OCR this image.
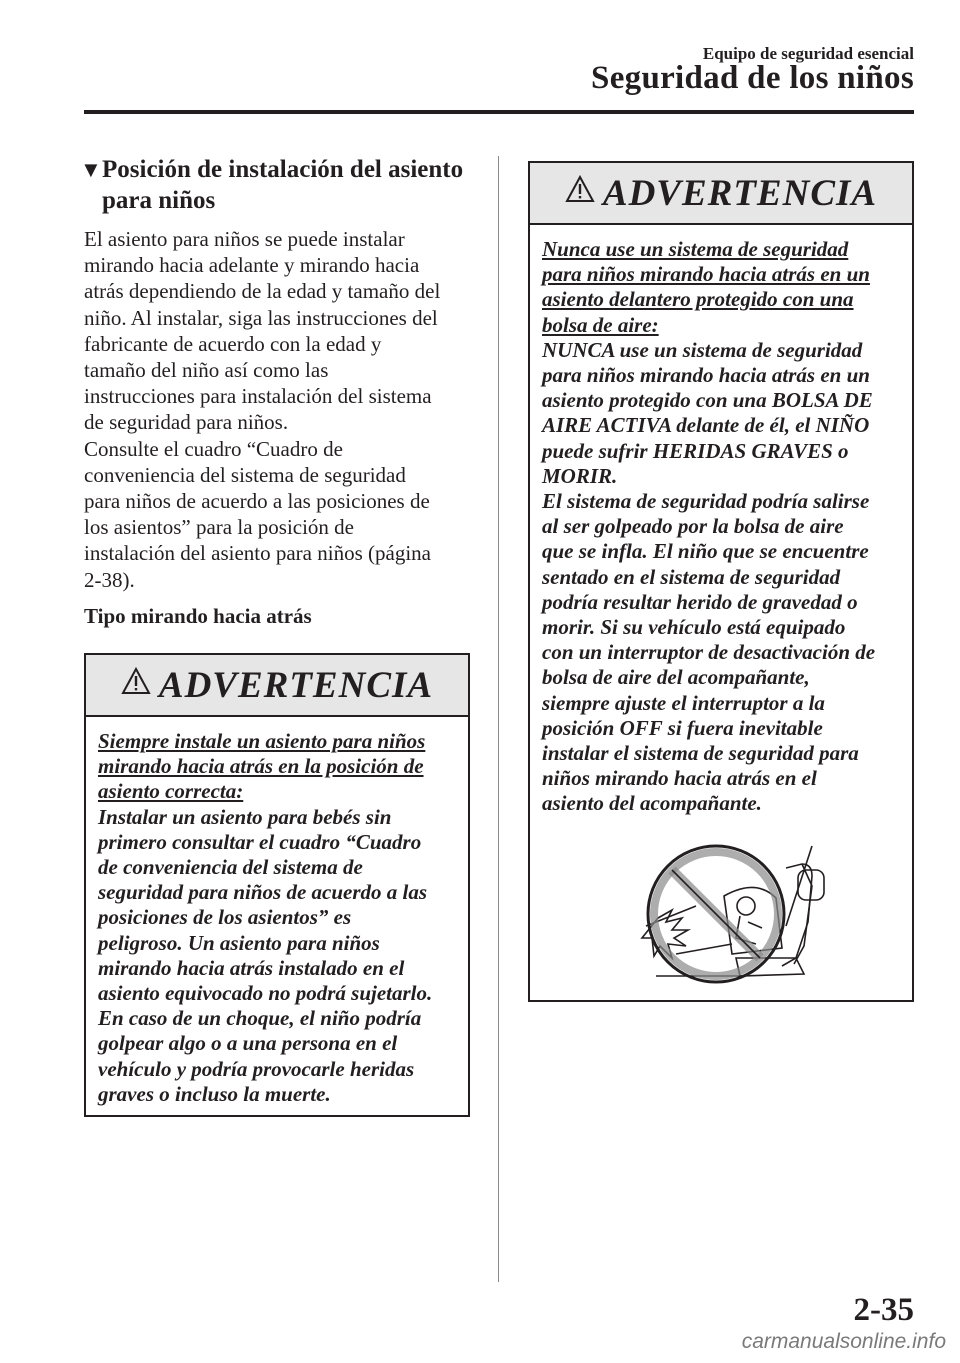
Equipo de seguridad esencial
Seguridad de los niños
▼Posición de instalación del asiento
para niños
El asiento para niños se puede instalar
mirando hacia adelante y mirando hacia
atrás dependiendo de la edad y tamaño del
niño. Al instalar, siga las instrucciones del
fabricante de acuerdo con la edad y
tamaño del niño así como las
instrucciones para instalación del sistema
de seguridad para niños.
Consulte el cuadro “Cuadro de
conveniencia del sistema de seguridad
para niños de acuerdo a las posiciones de
los asientos” para la posición de
instalación del asiento para niños (página
2-38).
Tipo mirando hacia atrás
ADVERTENCIA
Siempre instale un asiento para niños
mirando hacia atrás en la posición de
asiento correcta:
Instalar un asiento para bebés sin
primero consultar el cuadro “Cuadro
de conveniencia del sistema de
seguridad para niños de acuerdo a las
posiciones de los asientos” es
peligroso. Un asiento para niños
mirando hacia atrás instalado en el
asiento equivocado no podrá sujetarlo.
En caso de un choque, el niño podría
golpear algo o a una persona en el
vehículo y podría provocarle heridas
graves o incluso la muerte.
ADVERTENCIA
Nunca use un sistema de seguridad
para niños mirando hacia atrás en un
asiento delantero protegido con una
bolsa de aire:
NUNCA use un sistema de seguridad
para niños mirando hacia atrás en un
asiento protegido con una BOLSA DE
AIRE ACTIVA delante de él, el NIÑO
puede sufrir HERIDAS GRAVES o
MORIR.
El sistema de seguridad podría salirse
al ser golpeado por la bolsa de aire
que se infla. El niño que se encuentre
sentado en el sistema de seguridad
podría resultar herido de gravedad o
morir. Si su vehículo está equipado
con un interruptor de desactivación de
bolsa de aire del acompañante,
siempre ajuste el interruptor a la
posición OFF si fuera inevitable
instalar el sistema de seguridad para
niños mirando hacia atrás en el
asiento del acompañante.
2-35
carmanualsonline.info
